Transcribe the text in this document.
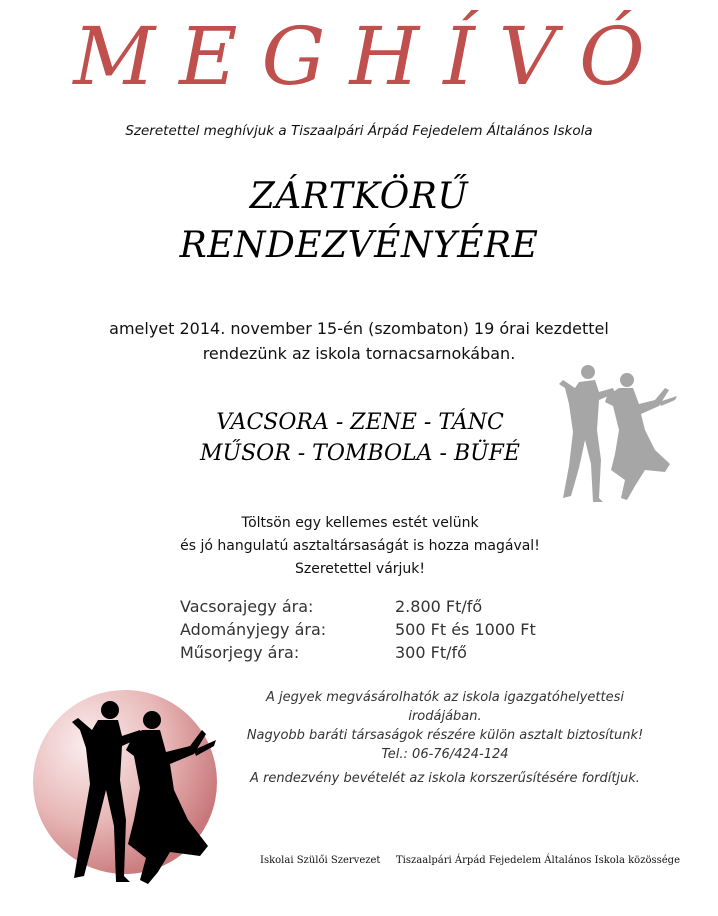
MEGHÍVÓ
Szeretettel meghívjuk a Tiszaalpári Árpád Fejedelem Általános Iskola
ZÁRTKÖRŰ
RENDEZVÉNYÉRE
amelyet 2014. november 15-én (szombaton) 19 órai kezdettel
rendezünk az iskola tornacsarnokában.
VACSORA - ZENE - TÁNC
MŰSOR - TOMBOLA - BÜFÉ
Töltsön egy kellemes estét velünk
és jó hangulatú asztaltársaságát is hozza magával!
Szeretettel várjuk!
Vacsorajegy ára:	2.800 Ft/fő
Adományjegy ára:	500 Ft és 1000 Ft
Műsorjegy ára:	300 Ft/fő
A jegyek megvásárolhatók az iskola igazgatóhelyettesi irodájában.
Nagyobb baráti társaságok részére külön asztalt biztosítunk!
Tel.: 06-76/424-124
A rendezvény bevételét az iskola korszerűsítésére fordítjuk.
Iskolai Szülői Szervezet Tiszaalpári Árpád Fejedelem Általános Iskola közössége
